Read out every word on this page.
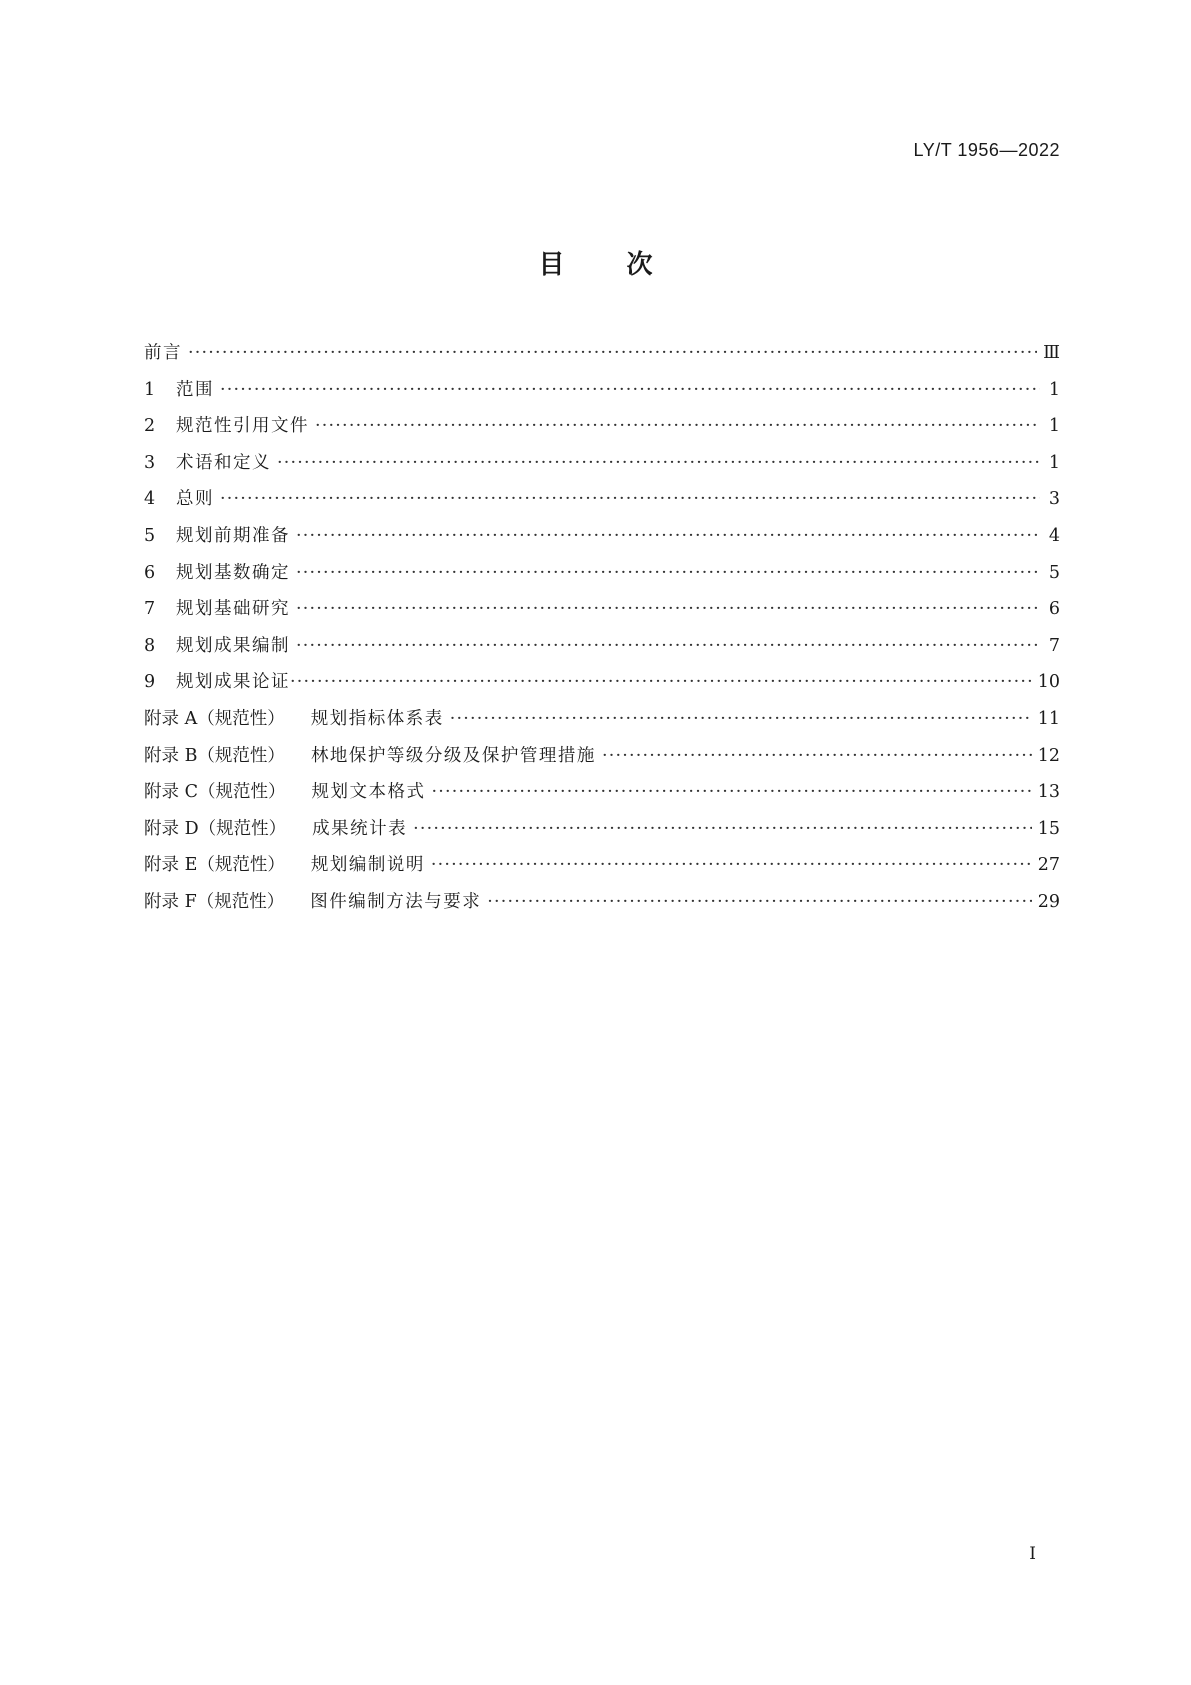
LY/T 1956—2022
目 次
前言 ·····	Ⅲ
1	范围 ·····	1
2	规范性引用文件 ·····	1
3	术语和定义 ·····	1
4	总则 ·····	3
5	规划前期准备 ·····	4
6	规划基数确定 ·····	5
7	规划基础研究 ·····	6
8	规划成果编制 ·····	7
9	规划成果论证 ·····	10
附录 A（规范性） 规划指标体系表 ·····	11
附录 B（规范性） 林地保护等级分级及保护管理措施 ·····	12
附录 C（规范性） 规划文本格式 ·····	13
附录 D（规范性） 成果统计表 ·····	15
附录 E（规范性） 规划编制说明 ·····	27
附录 F（规范性） 图件编制方法与要求 ·····	29
Ⅰ
